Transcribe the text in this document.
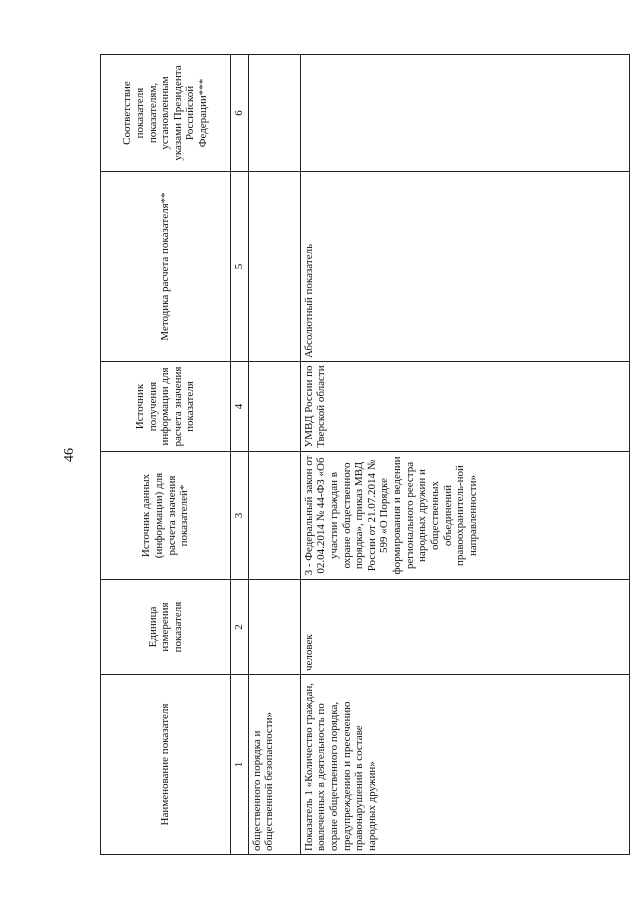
46
Наименование показателя	Единица измерения показателя	Источник данных (информации) для расчета значения показателей*	Источник получения информации для расчета значения показателя	Методика расчета показателя**	Соответствие показателя показателям, установленным указами Президента Российской Федерации***
1	2	3	4	5	6
общественного порядка и общественной безопасности»					
Показатель 1 «Количество граждан, вовлеченных в деятельность по охране общественного порядка, предупреждению и пресечению правонарушений в составе народных дружин»	человек	3 - Федеральный закон от 02.04.2014 № 44-ФЗ «Об участии граждан в охране общественного порядка», приказ МВД России от 21.07.2014 № 599 «О Порядке формирования и ведении регионального реестра народных дружин и общественных объединений правоохранитель-ной направленности»	УМВД России по Тверской области	Абсолютный показатель	
